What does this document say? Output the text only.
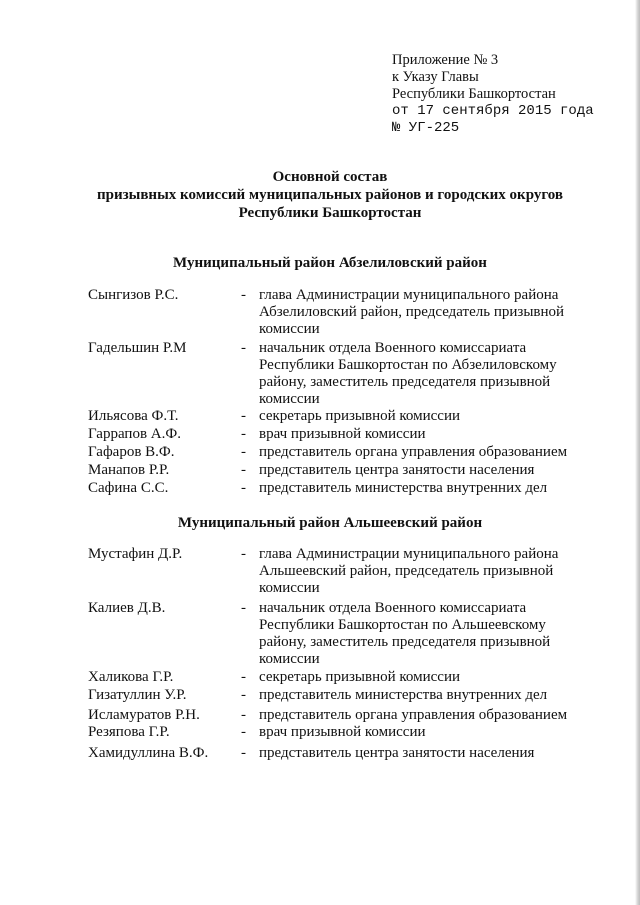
Приложение № 3
к Указу Главы
Республики Башкортостан
от 17 сентября 2015 года
№ УГ-225
Основной состав
призывных комиссий муниципальных районов и городских округов
Республики Башкортостан
Муниципальный район Абзелиловский район
Сынгизов Р.С.	- глава Администрации муниципального района
Абзелиловский район, председатель призывной
комиссии
Гадельшин Р.М	- начальник отдела Военного комиссариата
Республики Башкортостан по Абзелиловскому
району, заместитель председателя призывной
комиссии
Ильясова Ф.Т.	- секретарь призывной комиссии
Гаррапов А.Ф.	- врач призывной комиссии
Гафаров В.Ф.	- представитель органа управления образованием
Манапов Р.Р.	- представитель центра занятости населения
Сафина С.С.	- представитель министерства внутренних дел
Муниципальный район Альшеевский район
Мустафин Д.Р.	- глава Администрации муниципального района
Альшеевский район, председатель призывной
комиссии
Калиев Д.В.	- начальник отдела Военного комиссариата
Республики Башкортостан по Альшеевскому
району, заместитель председателя призывной
комиссии
Халикова Г.Р.	- секретарь призывной комиссии
Гизатуллин У.Р.	- представитель министерства внутренних дел
Исламуратов Р.Н.	- представитель органа управления образованием
Резяпова Г.Р.	- врач призывной комиссии
Хамидуллина В.Ф. - представитель центра занятости населения
